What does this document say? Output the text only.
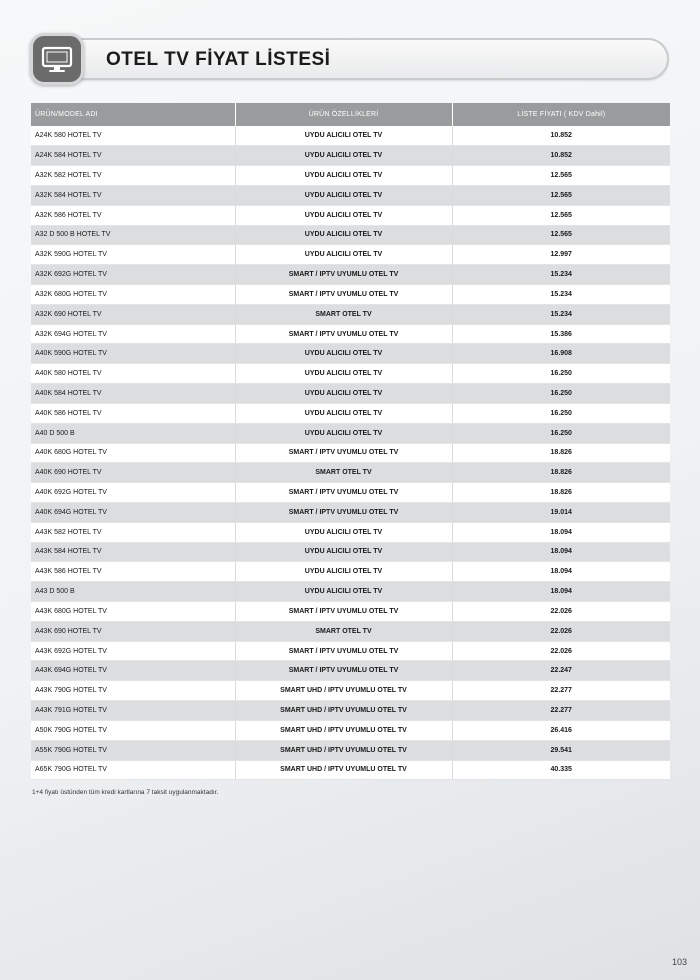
OTEL TV FİYAT LİSTESİ
ÜRÜN/MODEL ADI	ÜRÜN ÖZELLİKLERİ	LİSTE FİYATI ( KDV Dahil)
A24K 580 HOTEL TV	UYDU ALICILI OTEL TV	10.852
A24K 584 HOTEL TV	UYDU ALICILI OTEL TV	10.852
A32K 582 HOTEL TV	UYDU ALICILI OTEL TV	12.565
A32K 584 HOTEL TV	UYDU ALICILI OTEL TV	12.565
A32K 586 HOTEL TV	UYDU ALICILI OTEL TV	12.565
A32 D 500 B HOTEL TV	UYDU ALICILI OTEL TV	12.565
A32K 590G HOTEL TV	UYDU ALICILI OTEL TV	12.997
A32K 692G HOTEL TV	SMART / IPTV UYUMLU OTEL TV	15.234
A32K 680G HOTEL TV	SMART / IPTV UYUMLU OTEL TV	15.234
A32K 690 HOTEL TV	SMART OTEL TV	15.234
A32K 694G HOTEL TV	SMART / IPTV UYUMLU OTEL TV	15.386
A40K 590G HOTEL TV	UYDU ALICILI OTEL TV	16.908
A40K 580 HOTEL TV	UYDU ALICILI OTEL TV	16.250
A40K 584 HOTEL TV	UYDU ALICILI OTEL TV	16.250
A40K 586 HOTEL TV	UYDU ALICILI OTEL TV	16.250
A40 D 500 B	UYDU ALICILI OTEL TV	16.250
A40K 680G HOTEL TV	SMART / IPTV UYUMLU OTEL TV	18.826
A40K 690 HOTEL TV	SMART OTEL TV	18.826
A40K 692G HOTEL TV	SMART / IPTV UYUMLU OTEL TV	18.826
A40K 694G HOTEL TV	SMART / IPTV UYUMLU OTEL TV	19.014
A43K 582 HOTEL TV	UYDU ALICILI OTEL TV	18.094
A43K 584 HOTEL TV	UYDU ALICILI OTEL TV	18.094
A43K 586 HOTEL TV	UYDU ALICILI OTEL TV	18.094
A43 D 500 B	UYDU ALICILI OTEL TV	18.094
A43K 680G HOTEL TV	SMART / IPTV UYUMLU OTEL TV	22.026
A43K 690 HOTEL TV	SMART OTEL TV	22.026
A43K 692G HOTEL TV	SMART / IPTV UYUMLU OTEL TV	22.026
A43K 694G HOTEL TV	SMART / IPTV UYUMLU OTEL TV	22.247
A43K 790G HOTEL TV	SMART UHD / IPTV UYUMLU OTEL TV	22.277
A43K 791G HOTEL TV	SMART UHD / IPTV UYUMLU OTEL TV	22.277
A50K 790G HOTEL TV	SMART UHD / IPTV UYUMLU OTEL TV	26.416
A55K 790G HOTEL TV	SMART UHD / IPTV UYUMLU OTEL TV	29.541
A65K 790G HOTEL TV	SMART UHD / IPTV UYUMLU OTEL TV	40.335
1+4 fiyatı üstünden tüm kredi kartlarına 7 taksit uygulanmaktadır.
103
